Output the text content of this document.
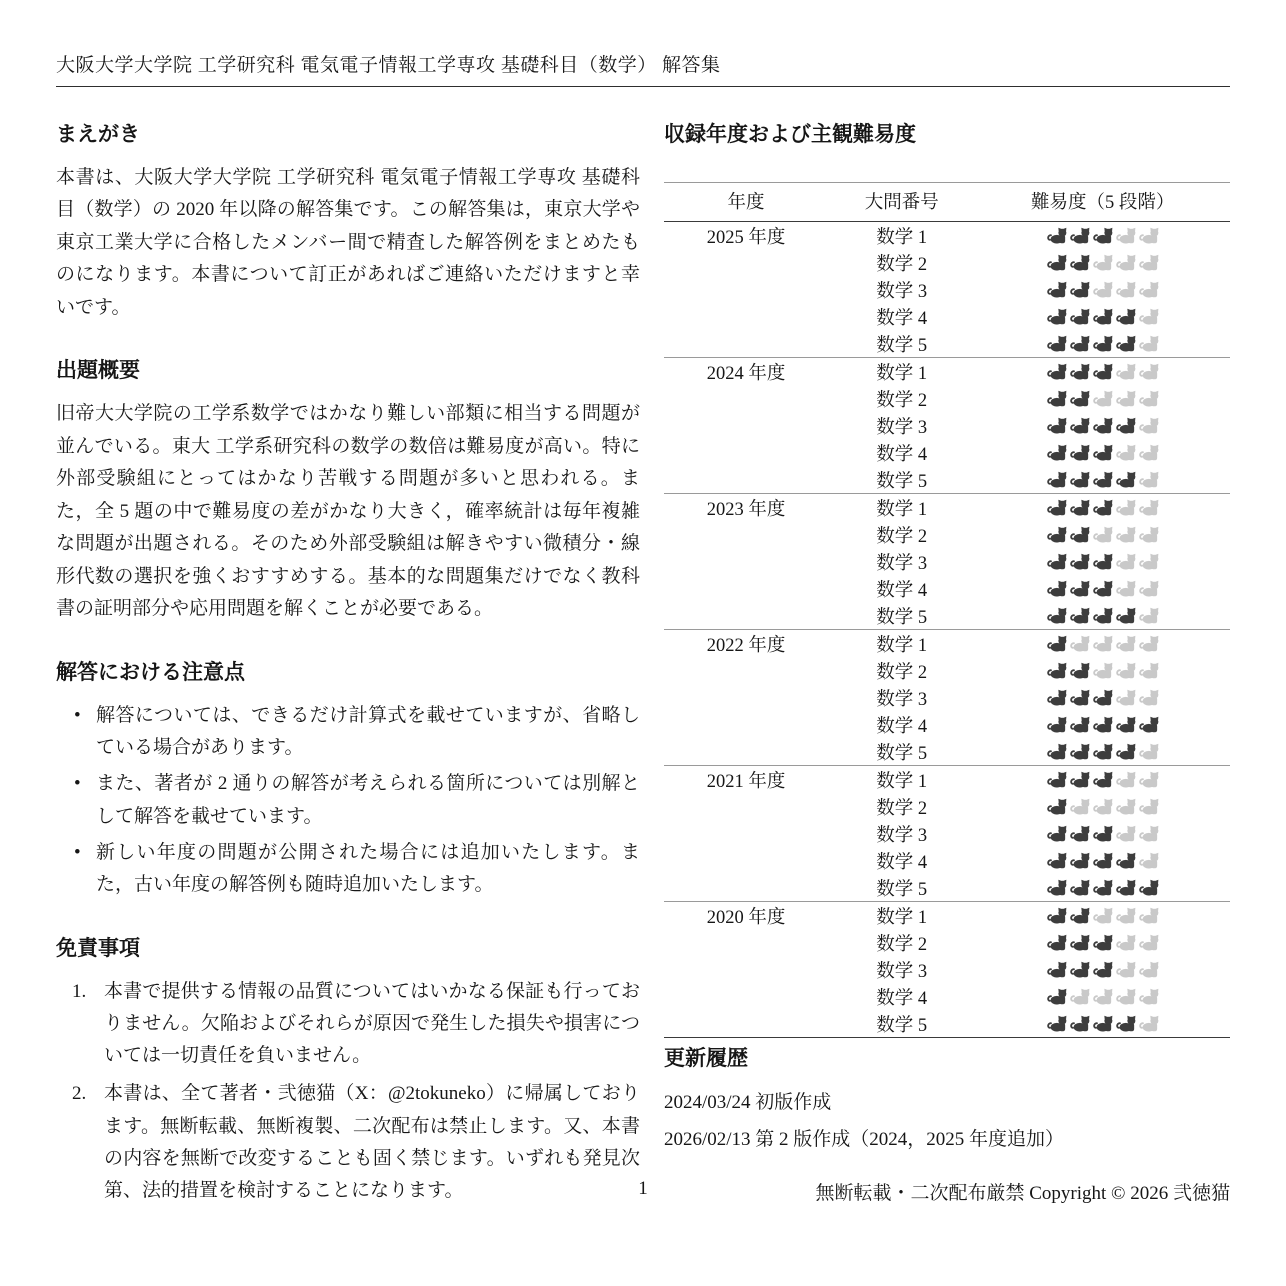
大阪大学大学院 工学研究科 電気電子情報工学専攻 基礎科目（数学） 解答集
まえがき

本書は、大阪大学大学院 工学研究科 電気電子情報工学専攻 基礎科目（数学）の 2020 年以降の解答集です。この解答集は，東京大学や東京工業大学に合格したメンバー間で精査した解答例をまとめたものになります。本書について訂正があればご連絡いただけますと幸いです。

出題概要

旧帝大大学院の工学系数学ではかなり難しい部類に相当する問題が並んでいる。東大 工学系研究科の数学の数倍は難易度が高い。特に外部受験組にとってはかなり苦戦する問題が多いと思われる。また，全 5 題の中で難易度の差がかなり大きく，確率統計は毎年複雑な問題が出題される。そのため外部受験組は解きやすい微積分・線形代数の選択を強くおすすめする。基本的な問題集だけでなく教科書の証明部分や応用問題を解くことが必要である。

解答における注意点
• 解答については、できるだけ計算式を載せていますが、省略している場合があります。
• また、著者が 2 通りの解答が考えられる箇所については別解として解答を載せています。
• 新しい年度の問題が公開された場合には追加いたします。また，古い年度の解答例も随時追加いたします。
免責事項
本書で提供する情報の品質についてはいかなる保証も行っておりません。欠陥およびそれらが原因で発生した損失や損害については一切責任を負いません。
本書は、全て著者・弐徳猫（X：@2tokuneko）に帰属しております。無断転載、無断複製、二次配布は禁止します。又、本書の内容を無断で改変することも固く禁じます。いずれも発見次第、法的措置を検討することになります。
収録年度および主観難易度
年度	大問番号	難易度（5 段階）
2025 年度	数学 1	
	数学 2	
	数学 3	
	数学 4	
	数学 5	
2024 年度	数学 1	
	数学 2	
	数学 3	
	数学 4	
	数学 5	
2023 年度	数学 1	
	数学 2	
	数学 3	
	数学 4	
	数学 5	
2022 年度	数学 1	
	数学 2	
	数学 3	
	数学 4	
	数学 5	
2021 年度	数学 1	
	数学 2	
	数学 3	
	数学 4	
	数学 5	
2020 年度	数学 1	
	数学 2	
	数学 3	
	数学 4	
	数学 5	
更新履歴

2024/03/24 初版作成

2026/02/13 第 2 版作成（2024，2025 年度追加）

1	無断転載・二次配布厳禁 Copyright © 2026 弐徳猫
